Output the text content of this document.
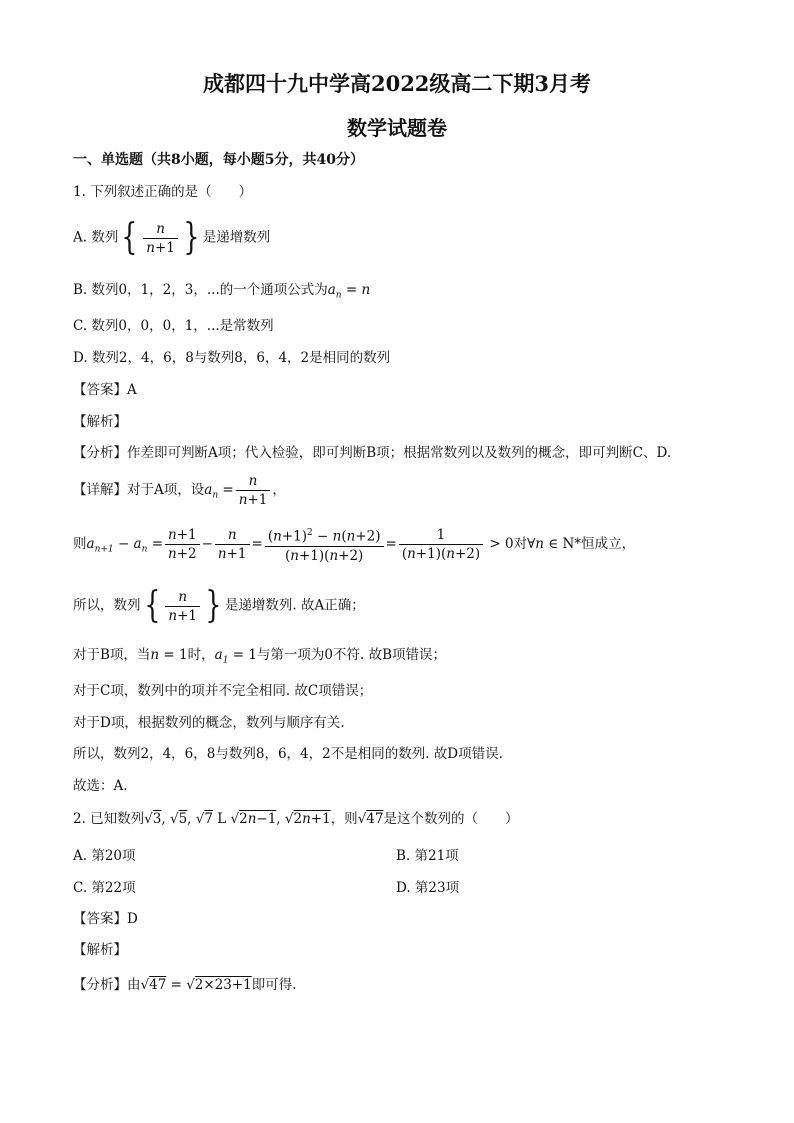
成都四十九中学高2022级高二下期3月考
数学试题卷
一、单选题（共8小题，每小题5分，共40分）
1. 下列叙述正确的是（　　）
A. 数列{ $\frac{n}{n+1}$ } 是递增数列
B. 数列0，1，2，3，...的一个通项公式为$a_n = n$
C. 数列0，0，0，1，...是常数列
D. 数列2，4，6，8与数列8，6，4，2是相同的数列
【答案】A
【解析】
【分析】作差即可判断A项；代入检验，即可判断B项；根据常数列以及数列的概念，即可判断C、D.
【详解】对于A项，设$a_n = \frac{n}{n+1}$ ，
则$a_{n+1} - a_n = \frac{n+1}{n+2} - \frac{n}{n+1} = \frac{(n+1)^2 - n(n+2)}{(n+1)(n+2)} = \frac{1}{(n+1)(n+2)} > 0$对∀n ∈ N*恒成立，
所以，数列{ $\frac{n}{n+1}$ } 是递增数列. 故A正确；
对于B项，当n = 1时，$a_1 = 1$与第一项为0不符. 故B项错误；
对于C项，数列中的项并不完全相同. 故C项错误；
对于D项，根据数列的概念，数列与顺序有关.
所以，数列2，4，6，8与数列8，6，4，2不是相同的数列. 故D项错误.
故选：A.
2. 已知数列√3, √5, √7 L √2n−1, √2n+1，则√47是这个数列的（　　）
A. 第20项	B. 第21项
C. 第22项	D. 第23项
【答案】D
【解析】
【分析】由√47 = √2×23+1即可得.
